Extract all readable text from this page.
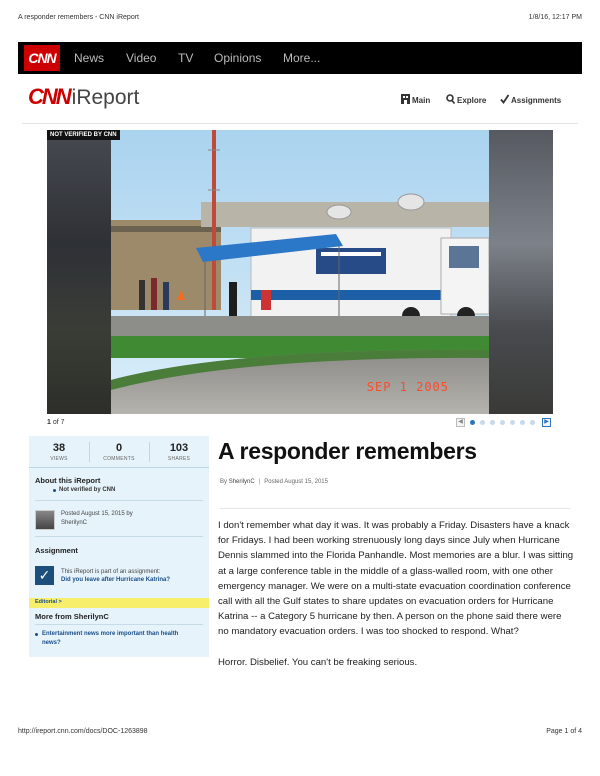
A responder remembers - CNN iReport	1/8/16, 12:17 PM
CNN	News Video TV Opinions More...
CNNiReport	Main	Explore	Assignments
SEP 1 2005
NOT VERIFIED BY CNN
1 of 7	◀	▶
38
VIEWS
0
COMMENTS
103
SHARES
About this iReport
Not verified by CNN
Posted August 15, 2015 by
SherilynC
Assignment
✓	This iReport is part of an assignment:
Did you leave after Hurricane Katrina?
Editorial >
More from SherilynC
Entertainment news more important than health
news?
A responder remembers
By SherilynC | Posted August 15, 2015

I don't remember what day it was. It was probably a Friday. Disasters have a knack for Fridays. I had been working strenuously long days since July when Hurricane Dennis slammed into the Florida Panhandle. Most memories are a blur. I was sitting at a large conference table in the middle of a glass-walled room, with one other emergency manager. We were on a multi-state evacuation coordination conference call with all the Gulf states to share updates on evacuation orders for Hurricane Katrina -- a Category 5 hurricane by then. A person on the phone said there were no mandatory evacuation orders. I was too shocked to respond. What?

Horror. Disbelief. You can't be freaking serious.

http://ireport.cnn.com/docs/DOC-1263898	Page 1 of 4
